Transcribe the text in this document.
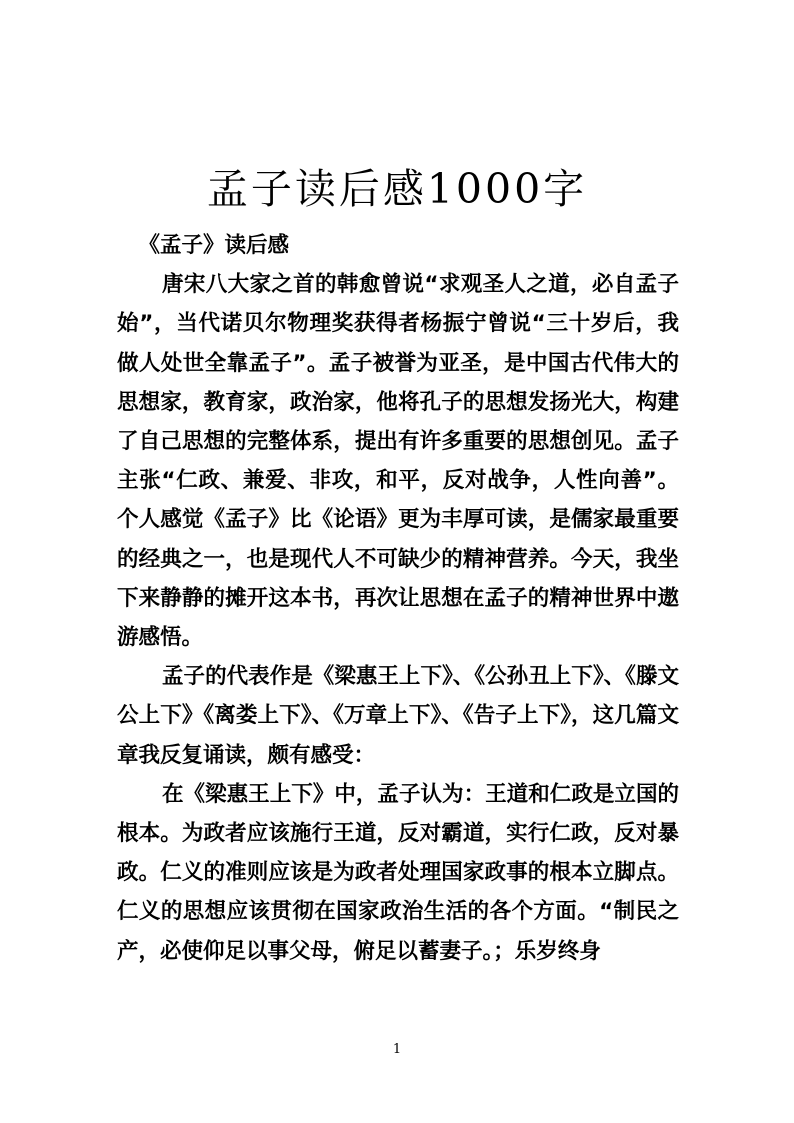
孟子读后感1000字

《孟子》读后感

唐宋八大家之首的韩愈曾说“求观圣人之道，必自孟子始”，当代诺贝尔物理奖获得者杨振宁曾说“三十岁后，我做人处世全靠孟子”。孟子被誉为亚圣，是中国古代伟大的思想家，教育家，政治家，他将孔子的思想发扬光大，构建了自己思想的完整体系，提出有许多重要的思想创见。孟子主张“仁政、兼爱、非攻，和平，反对战争，人性向善”。个人感觉《孟子》比《论语》更为丰厚可读，是儒家最重要的经典之一，也是现代人不可缺少的精神营养。今天，我坐下来静静的摊开这本书，再次让思想在孟子的精神世界中遨游感悟。

孟子的代表作是《梁惠王上下》、《公孙丑上下》、《滕文公上下》《离娄上下》、《万章上下》、《告子上下》，这几篇文章我反复诵读，颇有感受：

在《梁惠王上下》中，孟子认为：王道和仁政是立国的根本。为政者应该施行王道，反对霸道，实行仁政，反对暴政。仁义的准则应该是为政者处理国家政事的根本立脚点。仁义的思想应该贯彻在国家政治生活的各个方面。“制民之产，必使仰足以事父母，俯足以蓄妻子。；乐岁终身

1
